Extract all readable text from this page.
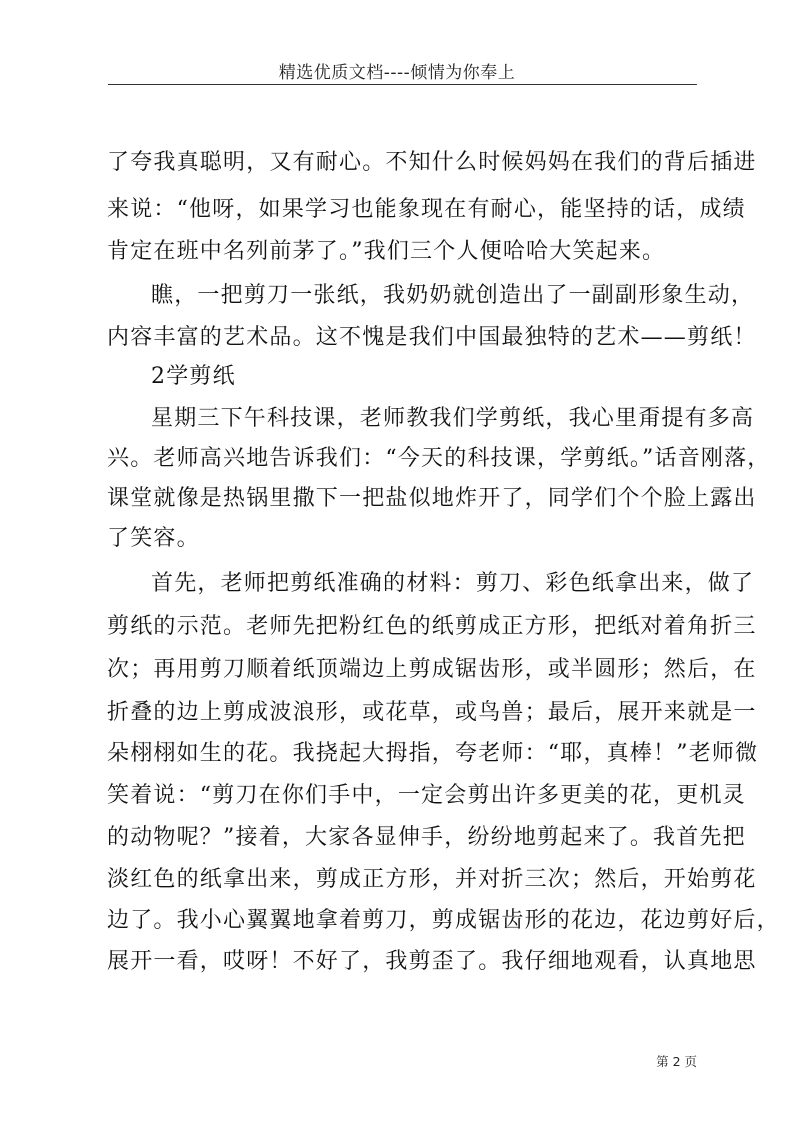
精选优质文档----倾情为你奉上
了夸我真聪明，又有耐心。不知什么时候妈妈在我们的背后插进
来说：“他呀，如果学习也能象现在有耐心，能坚持的话，成绩
肯定在班中名列前茅了。”我们三个人便哈哈大笑起来。
瞧，一把剪刀一张纸，我奶奶就创造出了一副副形象生动，
内容丰富的艺术品。这不愧是我们中国最独特的艺术——剪纸！
2学剪纸
星期三下午科技课，老师教我们学剪纸，我心里甭提有多高
兴。老师高兴地告诉我们：“今天的科技课，学剪纸。”话音刚落，
课堂就像是热锅里撒下一把盐似地炸开了，同学们个个脸上露出
了笑容。
首先，老师把剪纸准确的材料：剪刀、彩色纸拿出来，做了
剪纸的示范。老师先把粉红色的纸剪成正方形，把纸对着角折三
次；再用剪刀顺着纸顶端边上剪成锯齿形，或半圆形；然后，在
折叠的边上剪成波浪形，或花草，或鸟兽；最后，展开来就是一
朵栩栩如生的花。我挠起大拇指，夸老师：“耶，真棒！”老师微
笑着说：“剪刀在你们手中，一定会剪出许多更美的花，更机灵
的动物呢？”接着，大家各显伸手，纷纷地剪起来了。我首先把
淡红色的纸拿出来，剪成正方形，并对折三次；然后，开始剪花
边了。我小心翼翼地拿着剪刀，剪成锯齿形的花边，花边剪好后，
展开一看，哎呀！不好了，我剪歪了。我仔细地观看，认真地思
第 2 页
